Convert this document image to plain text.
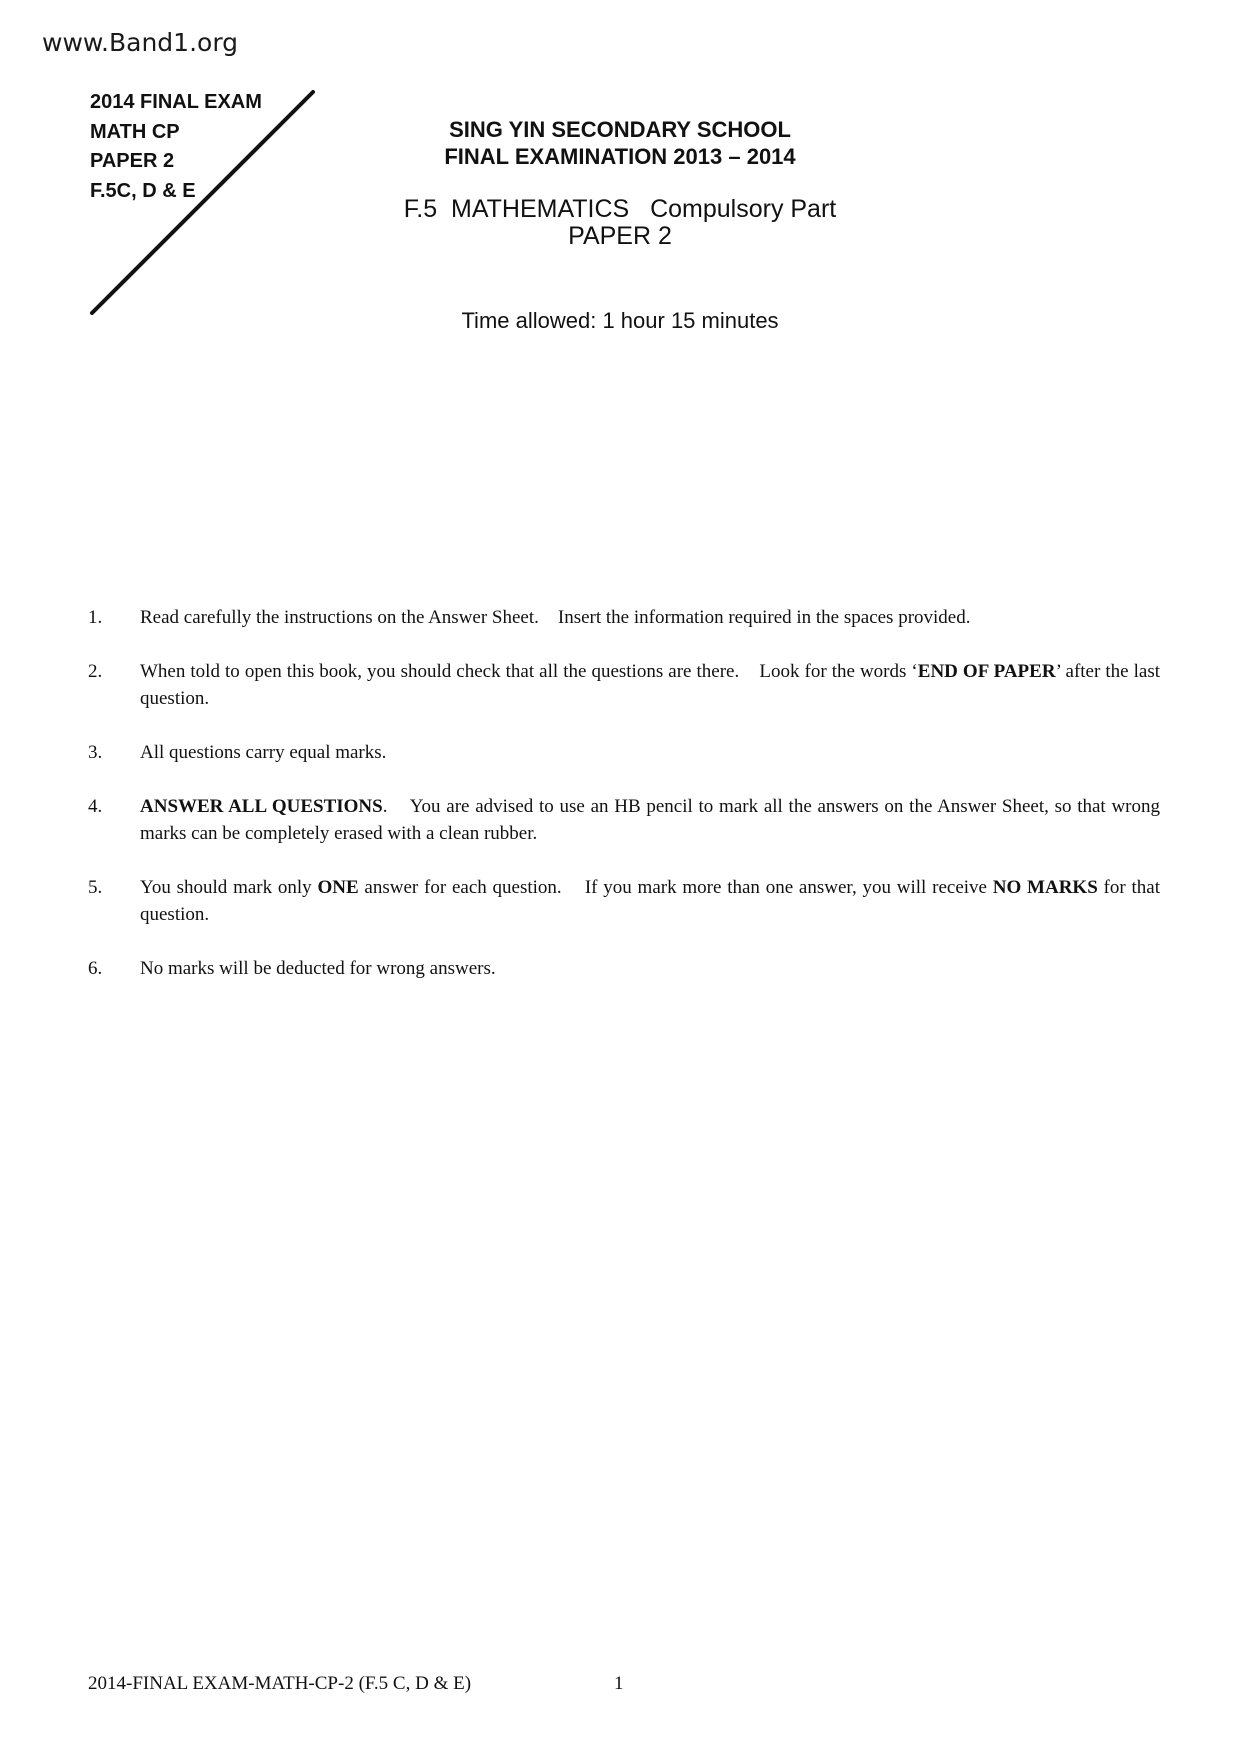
www.Band1.org
2014 FINAL EXAM
MATH CP
PAPER 2
F.5C, D & E
SING YIN SECONDARY SCHOOL
FINAL EXAMINATION 2013 – 2014
F.5  MATHEMATICS   Compulsory Part
PAPER 2
Time allowed: 1 hour 15 minutes
1.	Read carefully the instructions on the Answer Sheet.    Insert the information required in the spaces provided.
2.	When told to open this book, you should check that all the questions are there.    Look for the words ‘END OF PAPER’ after the last question.
3.	All questions carry equal marks.
4.	ANSWER ALL QUESTIONS.    You are advised to use an HB pencil to mark all the answers on the Answer Sheet, so that wrong marks can be completely erased with a clean rubber.
5.	You should mark only ONE answer for each question.    If you mark more than one answer, you will receive NO MARKS for that question.
6.	No marks will be deducted for wrong answers.
2014-FINAL EXAM-MATH-CP-2 (F.5 C, D & E)	1
